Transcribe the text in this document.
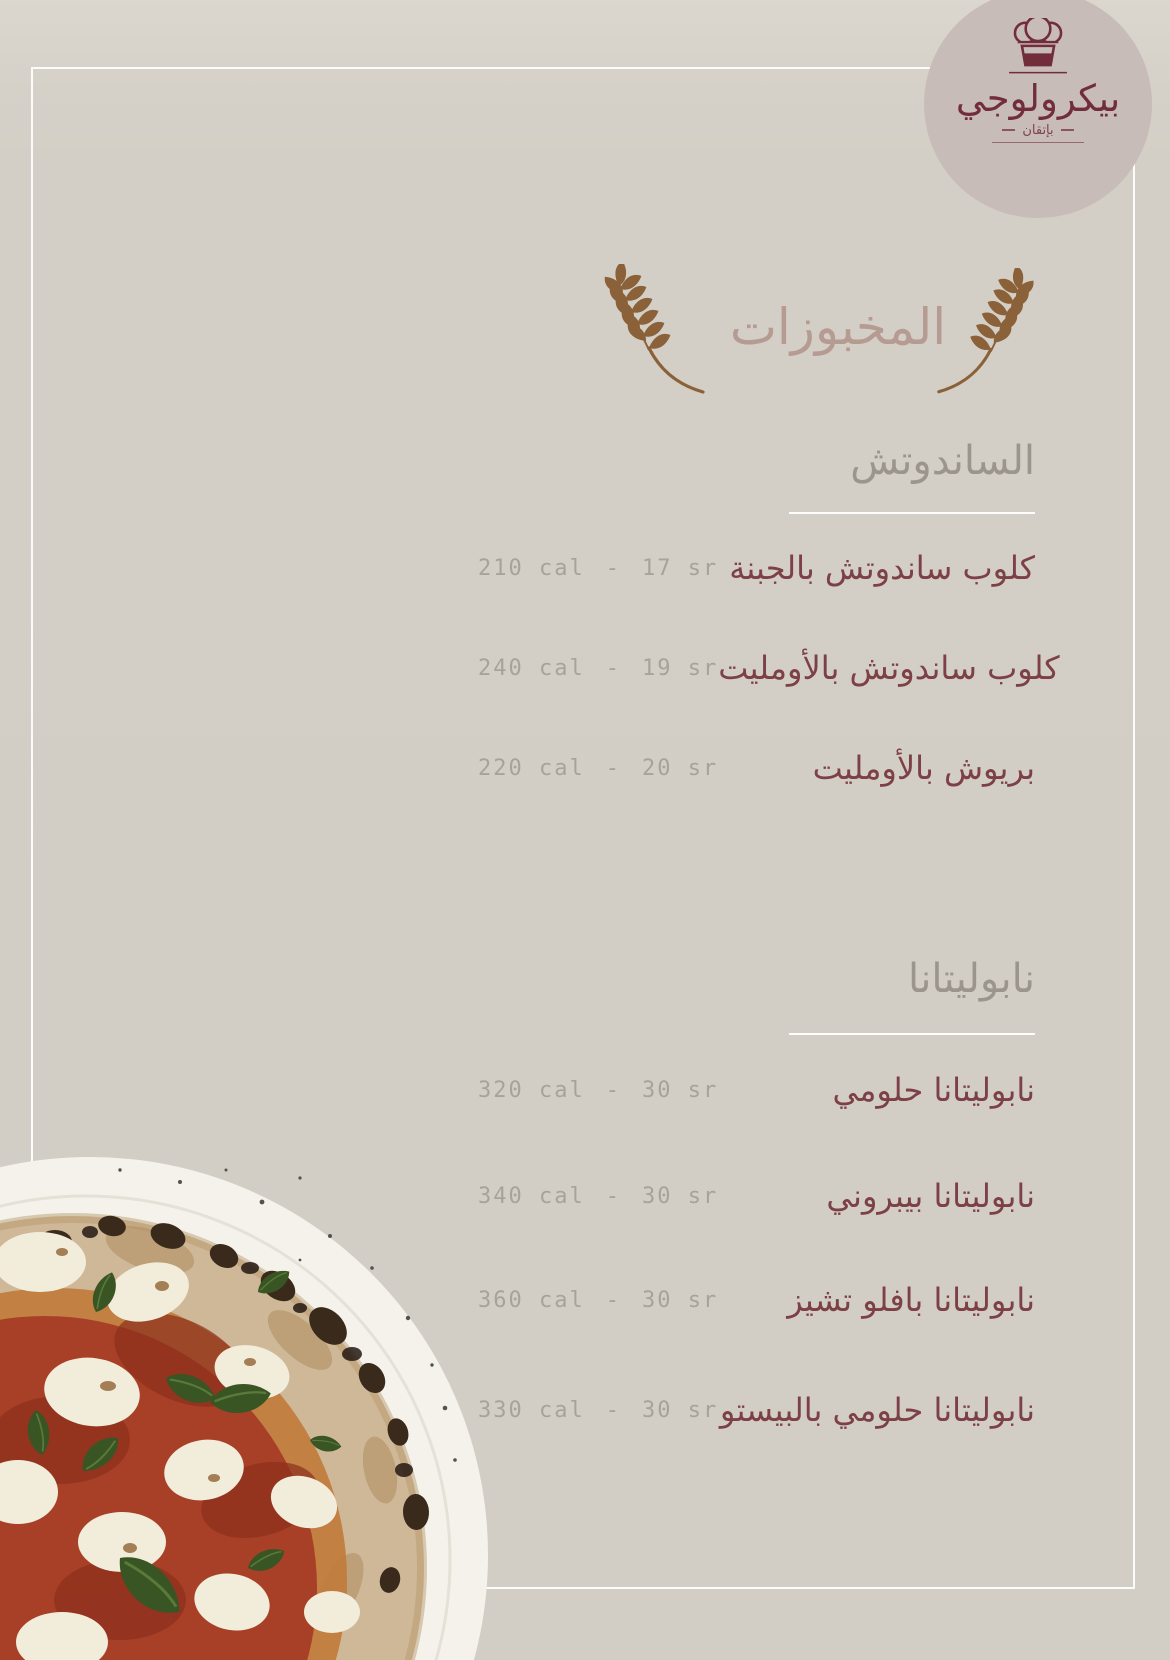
بيكرولوجي
بإتقان
المخبوزات
الساندوتش
210 cal - 17 sr كلوب ساندوتش بالجبنة
240 cal - 19 sr كلوب ساندوتش بالأومليت
220 cal - 20 sr	بريوش بالأومليت
نابوليتانا
320 cal - 30 sr	نابوليتانا حلومي
340 cal - 30 sr	نابوليتانا بيبروني
360 cal - 30 sr نابوليتانا بافلو تشيز
330 cal - 30 sr نابوليتانا حلومي بالبيستو
